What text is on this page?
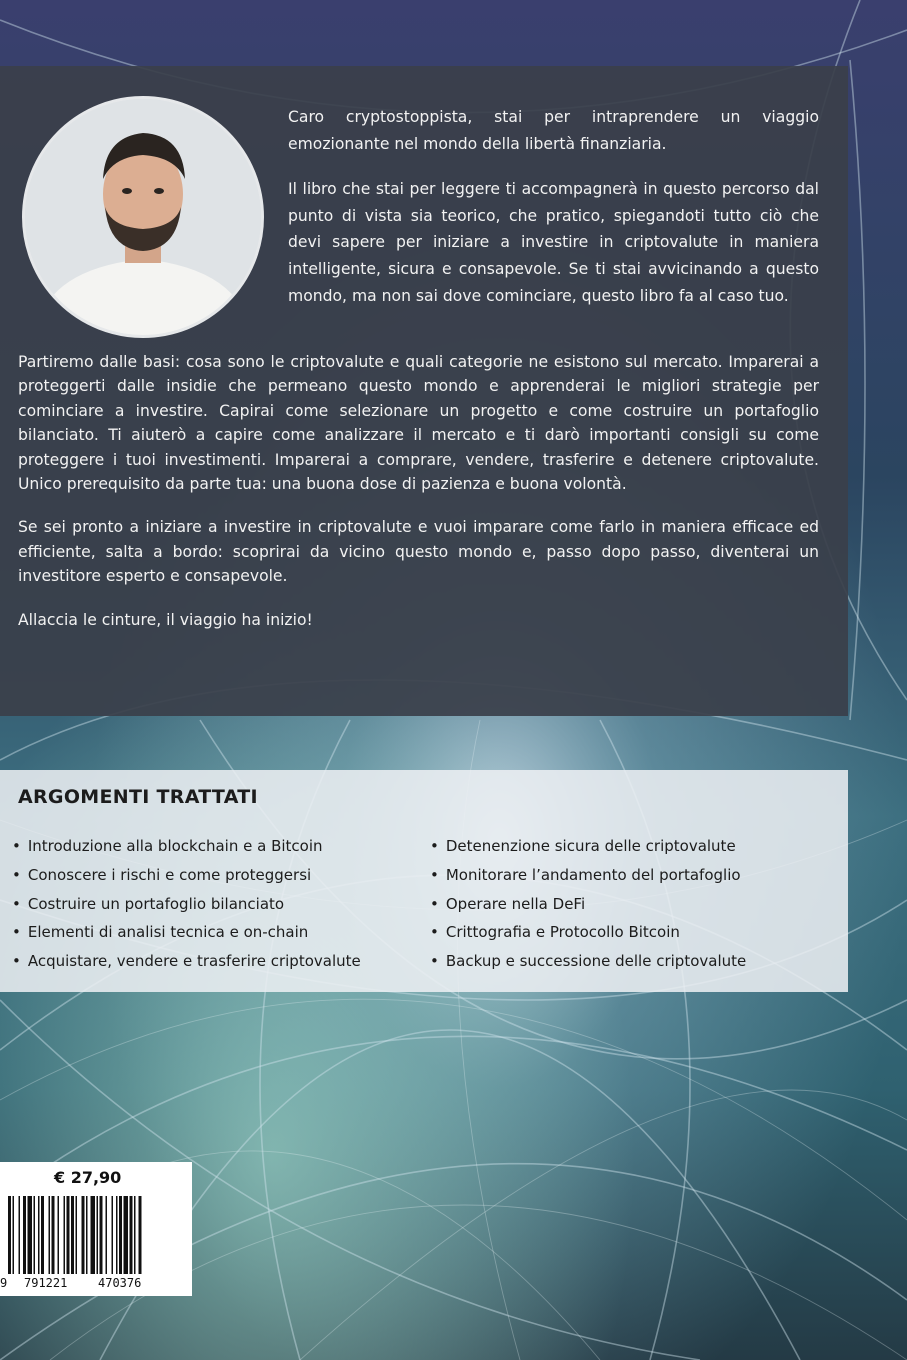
Caro cryptostoppista, stai per intraprendere un viaggio emozionante nel mondo della libertà finanziaria.

Il libro che stai per leggere ti accompagnerà in questo percorso dal punto di vista sia teorico, che pratico, spiegandoti tutto ciò che devi sapere per iniziare a investire in criptovalute in maniera intelligente, sicura e consapevole. Se ti stai avvicinando a questo mondo, ma non sai dove cominciare, questo libro fa al caso tuo.

Partiremo dalle basi: cosa sono le criptovalute e quali categorie ne esistono sul mercato. Imparerai a proteggerti dalle insidie che permeano questo mondo e apprenderai le migliori strategie per cominciare a investire. Capirai come selezionare un progetto e come costruire un portafoglio bilanciato. Ti aiuterò a capire come analizzare il mercato e ti darò importanti consigli su come proteggere i tuoi investimenti. Imparerai a comprare, vendere, trasferire e detenere criptovalute. Unico prerequisito da parte tua: una buona dose di pazienza e buona volontà.

Se sei pronto a iniziare a investire in criptovalute e vuoi imparare come farlo in maniera efficace ed efficiente, salta a bordo: scoprirai da vicino questo mondo e, passo dopo passo, diventerai un investitore esperto e consapevole.

Allaccia le cinture, il viaggio ha inizio!

ARGOMENTI TRATTATI
• Introduzione alla blockchain e a Bitcoin
• Conoscere i rischi e come proteggersi
• Costruire un portafoglio bilanciato
• Elementi di analisi tecnica e on-chain
• Acquistare, vendere e trasferire criptovalute
• Detenenzione sicura delle criptovalute
• Monitorare l’andamento del portafoglio
• Operare nella DeFi
• Crittografia e Protocollo Bitcoin
• Backup e successione delle criptovalute
€ 27,90
9 791221	470376
